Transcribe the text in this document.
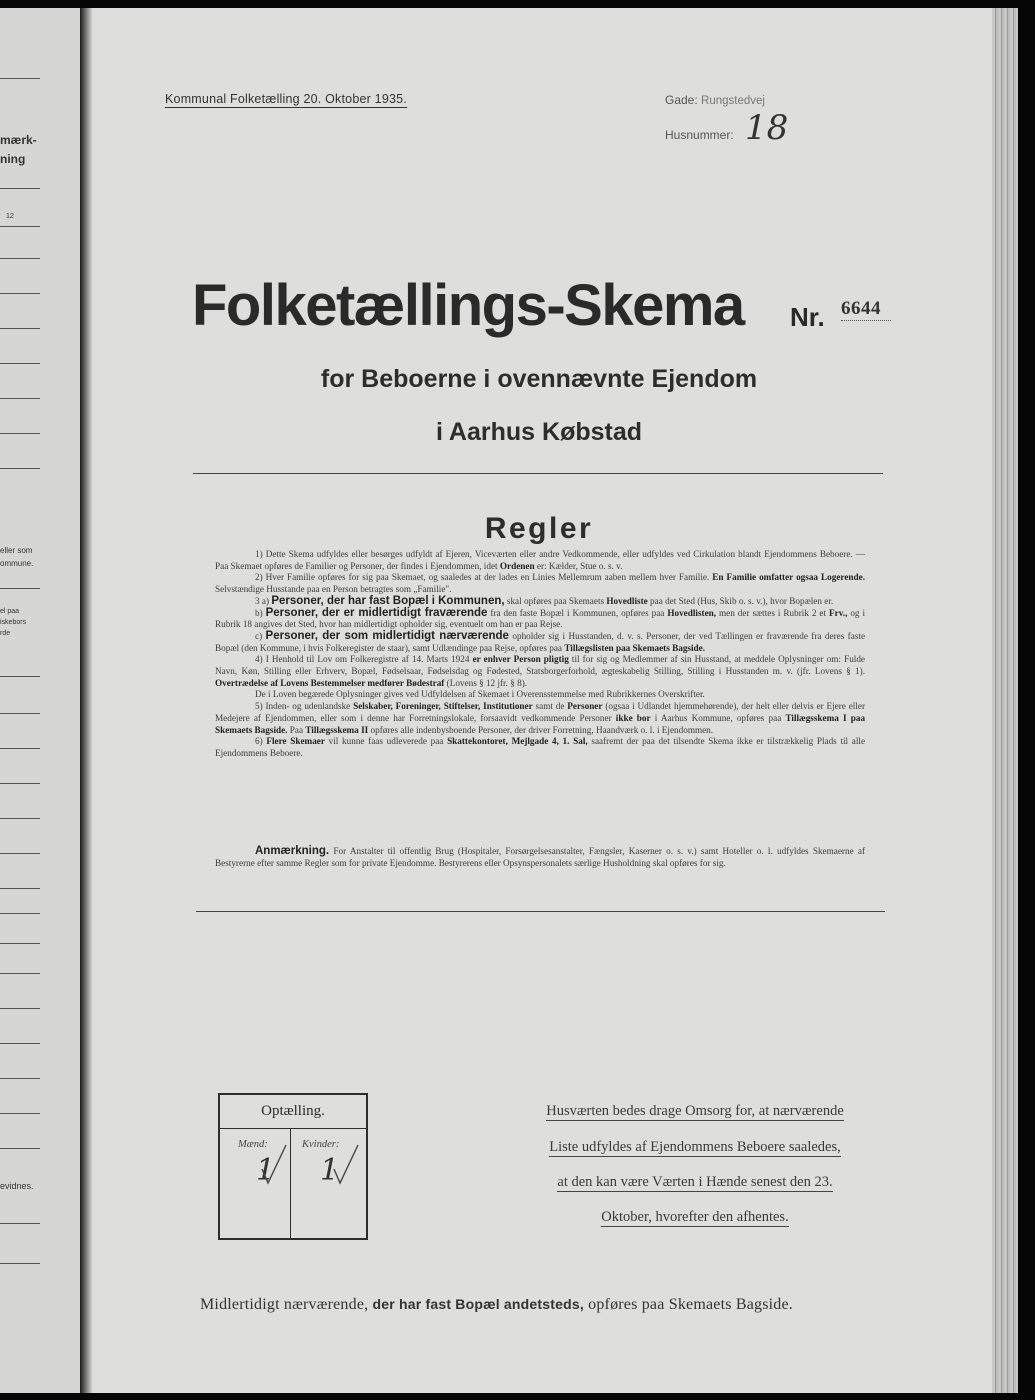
mærk-
ning
12
eller som
ommune.
el paa
iskebors
rde
evidnes.
Kommunal Folketælling 20. Oktober 1935.	Gade: Rungstedvej
Husnummer: 18
Folketællings-Skema Nr. 6644
for Beboerne i ovennævnte Ejendom
i Aarhus Købstad
Regler

1) Dette Skema udfyldes eller besørges udfyldt af Ejeren, Viceværten eller andre Vedkommende, eller udfyldes ved Cirkulation blandt Ejendommens Beboere. — Paa Skemaet opføres de Familier og Personer, der findes i Ejendommen, idet Ordenen er: Kælder, Stue o. s. v.

2) Hver Familie opføres for sig paa Skemaet, og saaledes at der lades en Linies Mellemrum aaben mellem hver Familie. En Familie omfatter ogsaa Logerende. Selvstændige Husstande paa en Person betragtes som „Familie".

3 a) Personer, der har fast Bopæl i Kommunen, skal opføres paa Skemaets Hovedliste paa det Sted (Hus, Skib o. s. v.), hvor Bopælen er.

b) Personer, der er midlertidigt fraværende fra den faste Bopæl i Kommunen, opføres paa Hovedlisten, men der sættes i Rubrik 2 et Frv., og i Rubrik 18 angives det Sted, hvor han midlertidigt opholder sig, eventuelt om han er paa Rejse.

c) Personer, der som midlertidigt nærværende opholder sig i Husstanden, d. v. s. Personer, der ved Tællingen er fraværende fra deres faste Bopæl (den Kommune, i hvis Folkeregister de staar), samt Udlændinge paa Rejse, opføres paa Tillægslisten paa Skemaets Bagside.

4) I Henhold til Lov om Folkeregistre af 14. Marts 1924 er enhver Person pligtig til for sig og Medlemmer af sin Husstand, at meddele Oplysninger om: Fulde Navn, Køn, Stilling eller Erhverv, Bopæl, Fødselsaar, Fødselsdag og Fødested, Statsborgerforhold, ægteskabelig Stilling, Stilling i Husstanden m. v. (jfr. Lovens § 1). Overtrædelse af Lovens Bestemmelser medfører Bødestraf (Lovens § 12 jfr. § 8).

De i Loven begærede Oplysninger gives ved Udfyldelsen af Skemaet i Overensstemmelse med Rubrikkernes Overskrifter.

5) Inden- og udenlandske Selskaber, Foreninger, Stiftelser, Institutioner samt de Personer (ogsaa i Udlandet hjemmehørende), der helt eller delvis er Ejere eller Medejere af Ejendommen, eller som i denne har Forretningslokale, forsaavidt vedkommende Personer ikke bor i Aarhus Kommune, opføres paa Tillægsskema I paa Skemaets Bagside. Paa Tillægsskema II opføres alle indenbysboende Personer, der driver Forretning, Haandværk o. l. i Ejendommen.

6) Flere Skemaer vil kunne faas udleverede paa Skattekontoret, Mejlgade 4, 1. Sal, saafremt der paa det tilsendte Skema ikke er tilstrækkelig Plads til alle Ejendommens Beboere.

Anmærkning. For Anstalter til offentlig Brug (Hospitaler, Forsørgelsesanstalter, Fængsler, Kaserner o. s. v.) samt Hoteller o. l. udfyldes Skemaerne af Bestyrerne efter samme Regler som for private Ejendomme. Bestyrerens eller Opsynspersonalets særlige Husholdning skal opføres for sig.

Optælling.
Mænd:	Kvinder:
1 1
Husværten bedes drage Omsorg for, at nærværende
Liste udfyldes af Ejendommens Beboere saaledes,
at den kan være Værten i Hænde senest den 23.
Oktober, hvorefter den afhentes.
Midlertidigt nærværende, der har fast Bopæl andetsteds, opføres paa Skemaets Bagside.
